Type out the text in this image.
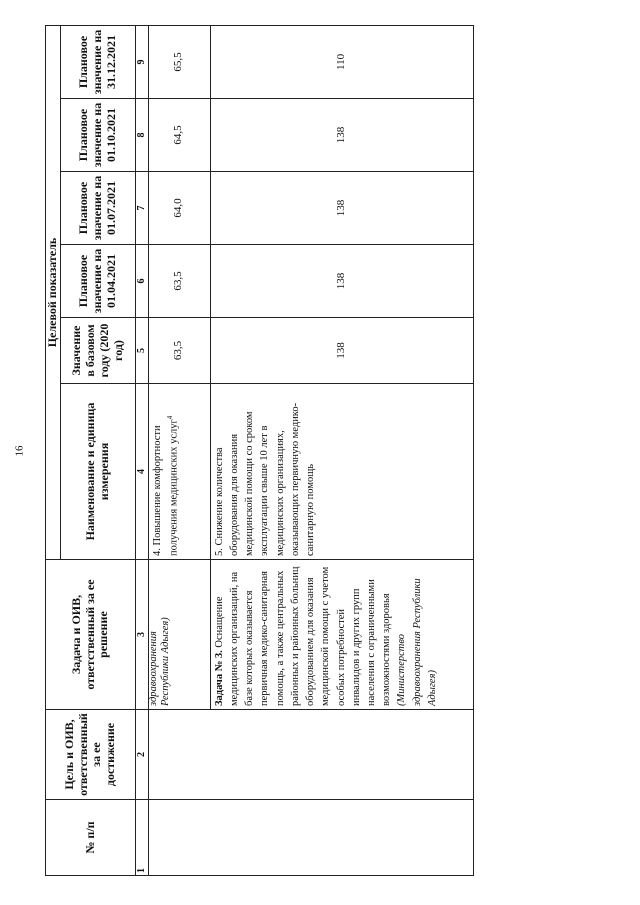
16
№ п/п	Цель и ОИВ, ответственный за ее достижение	Задача и ОИВ, ответственный за ее решение	Целевой показатель					
			Наименование и единица измерения	Значение в базовом году (2020 год)	Плановое значение на 01.04.2021	Плановое значение на 01.07.2021	Плановое значение на 01.10.2021	Плановое значение на 31.12.2021
1	2	3	4	5	6	7	8	9

		здравоохранения Республики Адыгея)	4. Повышение комфортности получения медицинских услуг$^4$	63,5	63,5	64,0	64,5	65,5
		Задача № 3. Оснащение медицинских организаций, на базе которых оказывается первичная медико-санитарная помощь, а также центральных районных и районных больниц оборудованием для оказания медицинской помощи с учетом особых потребностей инвалидов и других групп населения с ограниченными возможностями здоровья (Министерство здравоохранения Республики Адыгея)	5. Снижение количества оборудования для оказания медицинской помощи со сроком эксплуатации свыше 10 лет в медицинских организациях, оказывающих первичную медико-санитарную помощь	138	138	138	138	110
